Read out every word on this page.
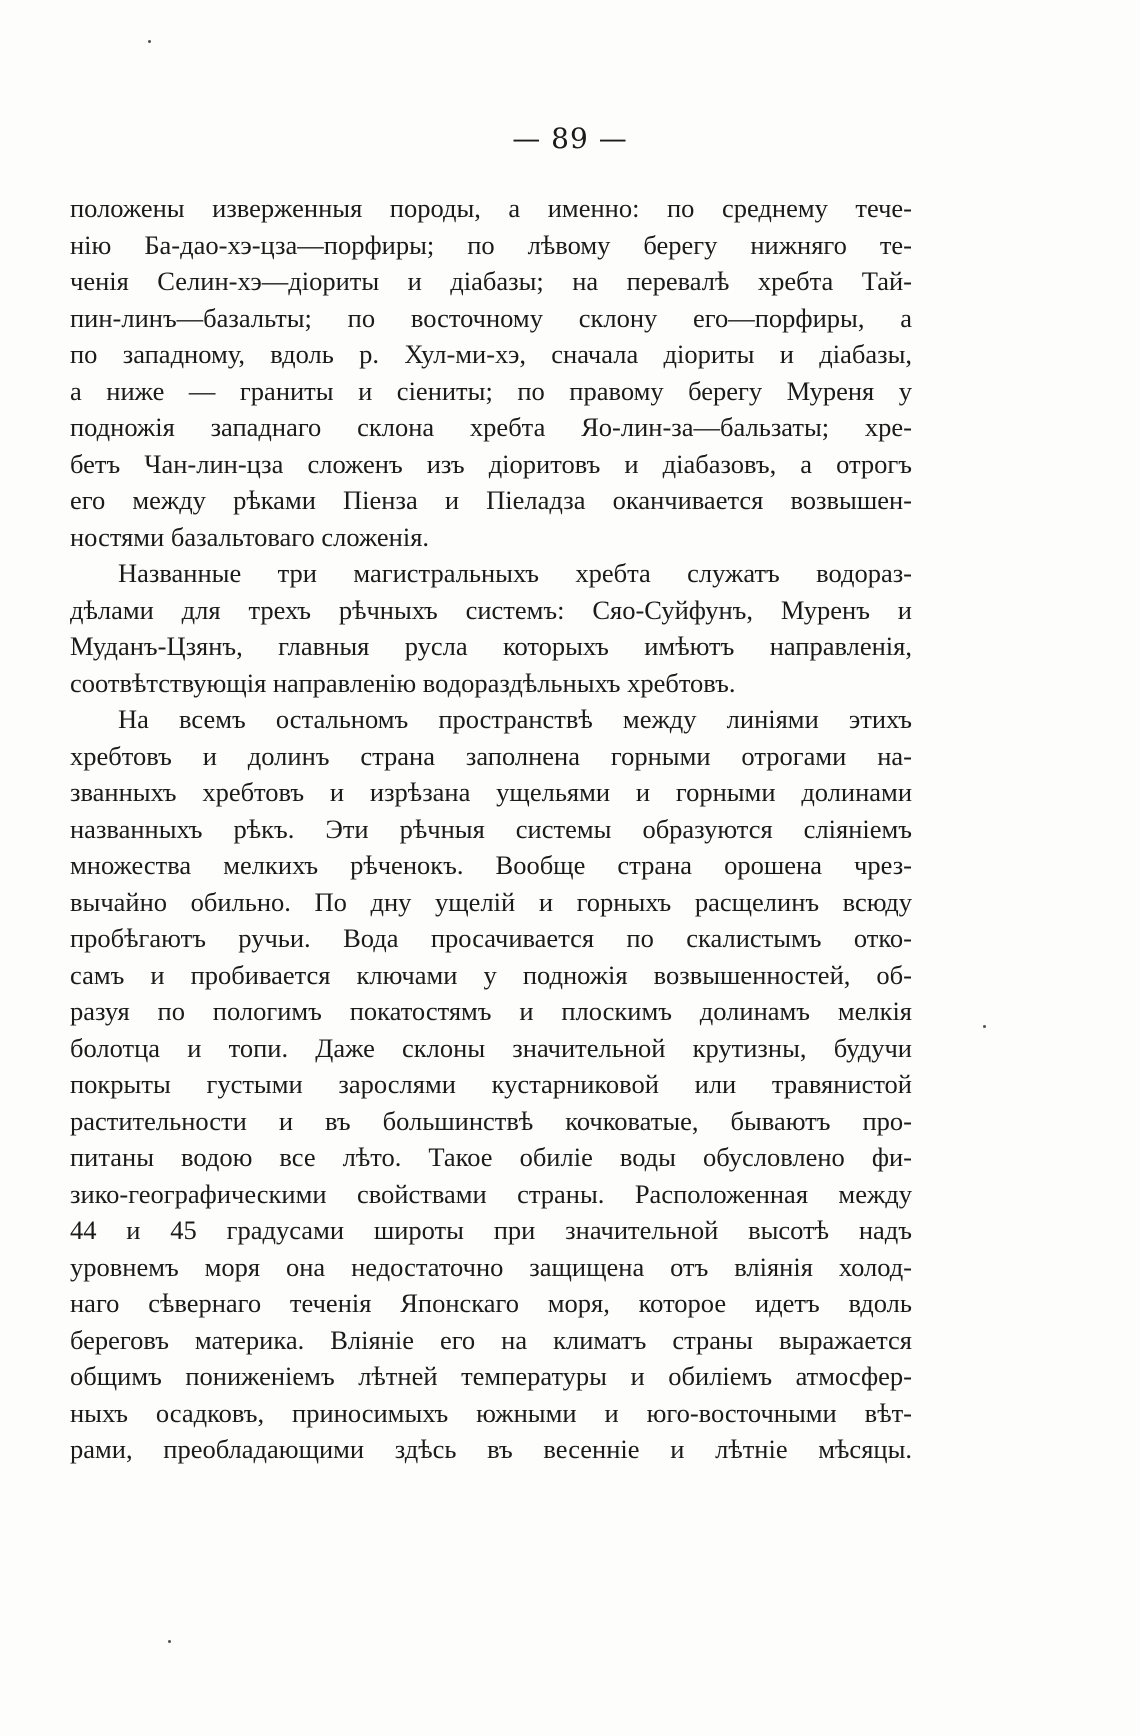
— 89 —
положены изверженныя породы, а именно: по среднему тече-
нію Ба-дао-хэ-цза—порфиры; по лѣвому берегу нижняго те-
ченія Селин-хэ—діориты и діабазы; на перевалѣ хребта Тай-
пин-линъ—базальты; по восточному склону его—порфиры, а
по западному, вдоль р. Хул-ми-хэ, сначала діориты и діабазы,
а ниже — граниты и сіениты; по правому берегу Муреня у
подножія западнаго склона хребта Яо-лин-за—бальзаты; хре-
бетъ Чан-лин-цза сложенъ изъ діоритовъ и діабазовъ, а отрогъ
его между рѣками Піенза и Піеладза оканчивается возвышен-
ностями базальтоваго сложенія.
Названные три магистральныхъ хребта служатъ водораз-
дѣлами для трехъ рѣчныхъ системъ: Сяо-Суйфунъ, Муренъ и
Муданъ-Цзянъ, главныя русла которыхъ имѣютъ направленія,
соотвѣтствующія направленію водораздѣльныхъ хребтовъ.
На всемъ остальномъ пространствѣ между линіями этихъ
хребтовъ и долинъ страна заполнена горными отрогами на-
званныхъ хребтовъ и изрѣзана ущельями и горными долинами
названныхъ рѣкъ. Эти рѣчныя системы образуются сліяніемъ
множества мелкихъ рѣченокъ. Вообще страна орошена чрез-
вычайно обильно. По дну ущелій и горныхъ расщелинъ всюду
пробѣгаютъ ручьи. Вода просачивается по скалистымъ отко-
самъ и пробивается ключами у подножія возвышенностей, об-
разуя по пологимъ покатостямъ и плоскимъ долинамъ мелкія
болотца и топи. Даже склоны значительной крутизны, будучи
покрыты густыми зарослями кустарниковой или травянистой
растительности и въ большинствѣ кочковатые, бываютъ про-
питаны водою все лѣто. Такое обиліе воды обусловлено фи-
зико-географическими свойствами страны. Расположенная между
44 и 45 градусами широты при значительной высотѣ надъ
уровнемъ моря она недостаточно защищена отъ вліянія холод-
наго сѣвернаго теченія Японскаго моря, которое идетъ вдоль
береговъ материка. Вліяніе его на климатъ страны выражается
общимъ пониженіемъ лѣтней температуры и обиліемъ атмосфер-
ныхъ осадковъ, приносимыхъ южными и юго-восточными вѣт-
рами, преобладающими здѣсь въ весенніе и лѣтніе мѣсяцы.
